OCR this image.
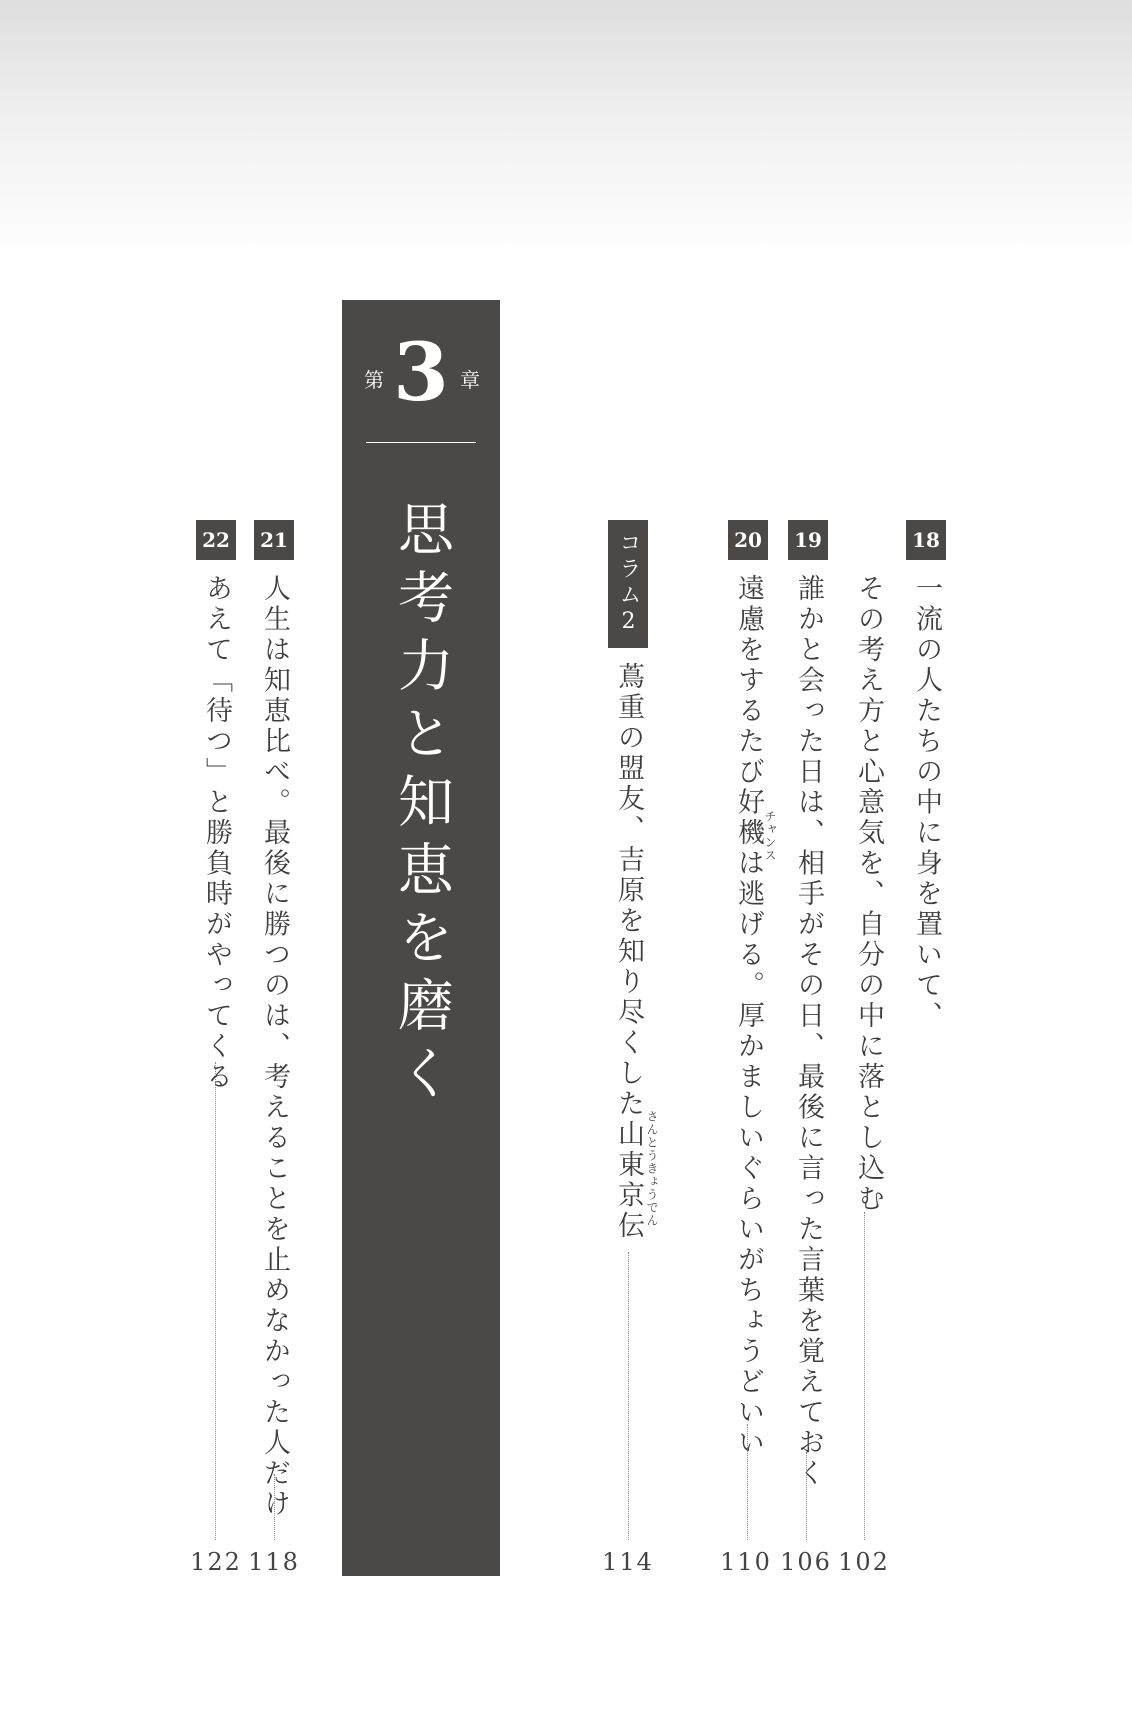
第 3 章
思考力と知恵を磨く	18
一流の人たちの中に身を置いて、
その考え方と心意気を、自分の中に落とし込む
102
19
誰かと会った日は、相手がその日、最後に言った言葉を覚えておく
106
20
遠慮をするたび好機は逃げる。厚かましいぐらいがちょうどいい チャンス
110
コラム2
蔦重の盟友、吉原を知り尽くした山東京伝 さんとうきょうでん
114
21
人生は知恵比べ。最後に勝つのは、考えることを止めなかった人だけ
118
22
あえて「待つ」と勝負時がやってくる
122
